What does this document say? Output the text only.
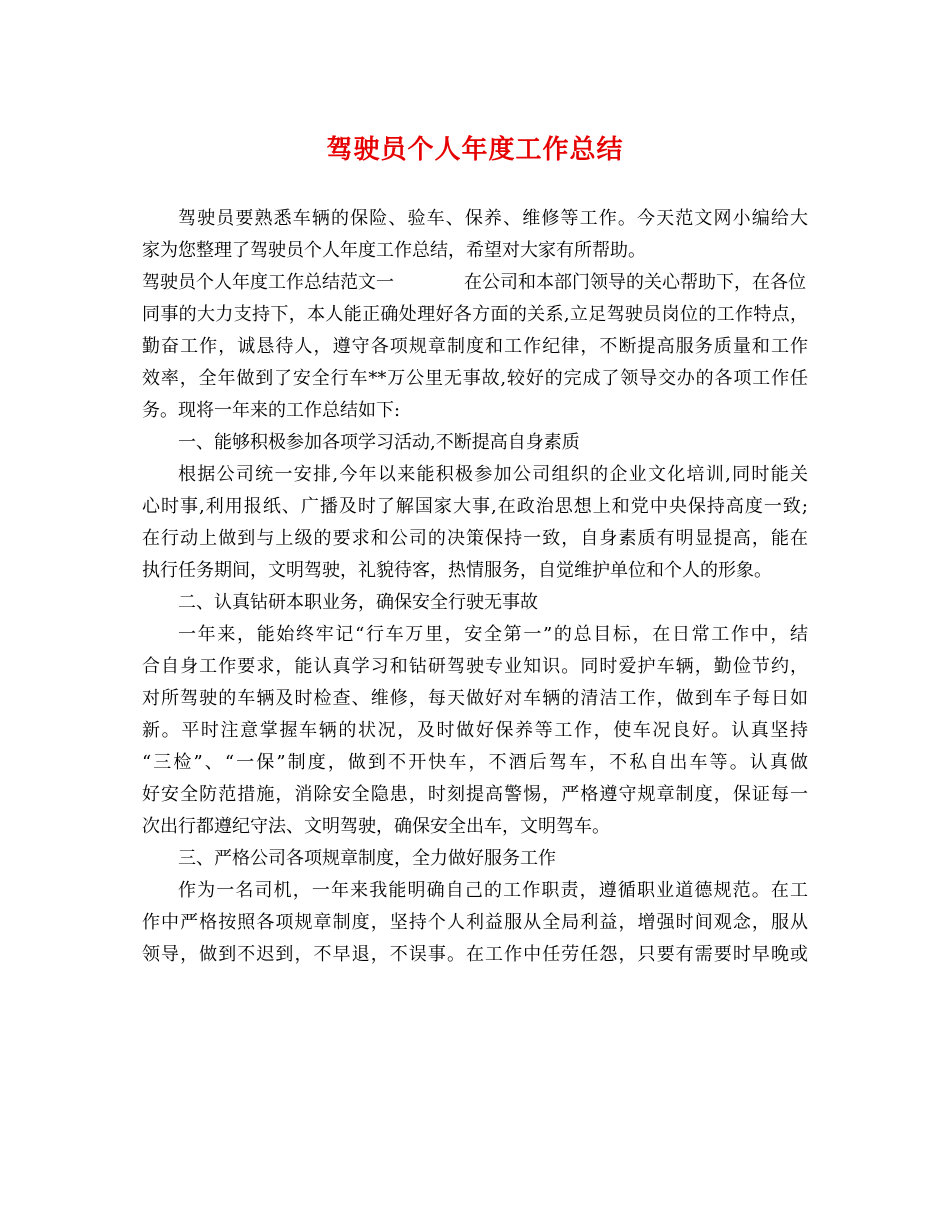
驾驶员个人年度工作总结
驾驶员要熟悉车辆的保险、验车、保养、维修等工作。今天范文网小编给大
家为您整理了驾驶员个人年度工作总结，希望对大家有所帮助。
驾驶员个人年度工作总结范文一	在公司和本部门领导的关心帮助下，在各位
同事的大力支持下，本人能正确处理好各方面的关系,立足驾驶员岗位的工作特点，
勤奋工作，诚恳待人，遵守各项规章制度和工作纪律，不断提高服务质量和工作
效率，全年做到了安全行车**万公里无事故,较好的完成了领导交办的各项工作任
务。现将一年来的工作总结如下:
一、能够积极参加各项学习活动,不断提高自身素质
根据公司统一安排,今年以来能积极参加公司组织的企业文化培训,同时能关
心时事,利用报纸、广播及时了解国家大事,在政治思想上和党中央保持高度一致;
在行动上做到与上级的要求和公司的决策保持一致，自身素质有明显提高，能在
执行任务期间，文明驾驶，礼貌待客，热情服务，自觉维护单位和个人的形象。
二、认真钻研本职业务，确保安全行驶无事故
一年来，能始终牢记“行车万里，安全第一”的总目标，在日常工作中，结
合自身工作要求，能认真学习和钻研驾驶专业知识。同时爱护车辆，勤俭节约，
对所驾驶的车辆及时检查、维修，每天做好对车辆的清洁工作，做到车子每日如
新。平时注意掌握车辆的状况，及时做好保养等工作，使车况良好。认真坚持
“三检”、“一保”制度，做到不开快车，不酒后驾车，不私自出车等。认真做
好安全防范措施，消除安全隐患，时刻提高警惕，严格遵守规章制度，保证每一
次出行都遵纪守法、文明驾驶，确保安全出车，文明驾车。
三、严格公司各项规章制度，全力做好服务工作
作为一名司机，一年来我能明确自己的工作职责，遵循职业道德规范。在工
作中严格按照各项规章制度，坚持个人利益服从全局利益，增强时间观念，服从
领导，做到不迟到，不早退，不误事。在工作中任劳任怨，只要有需要时早晚或
